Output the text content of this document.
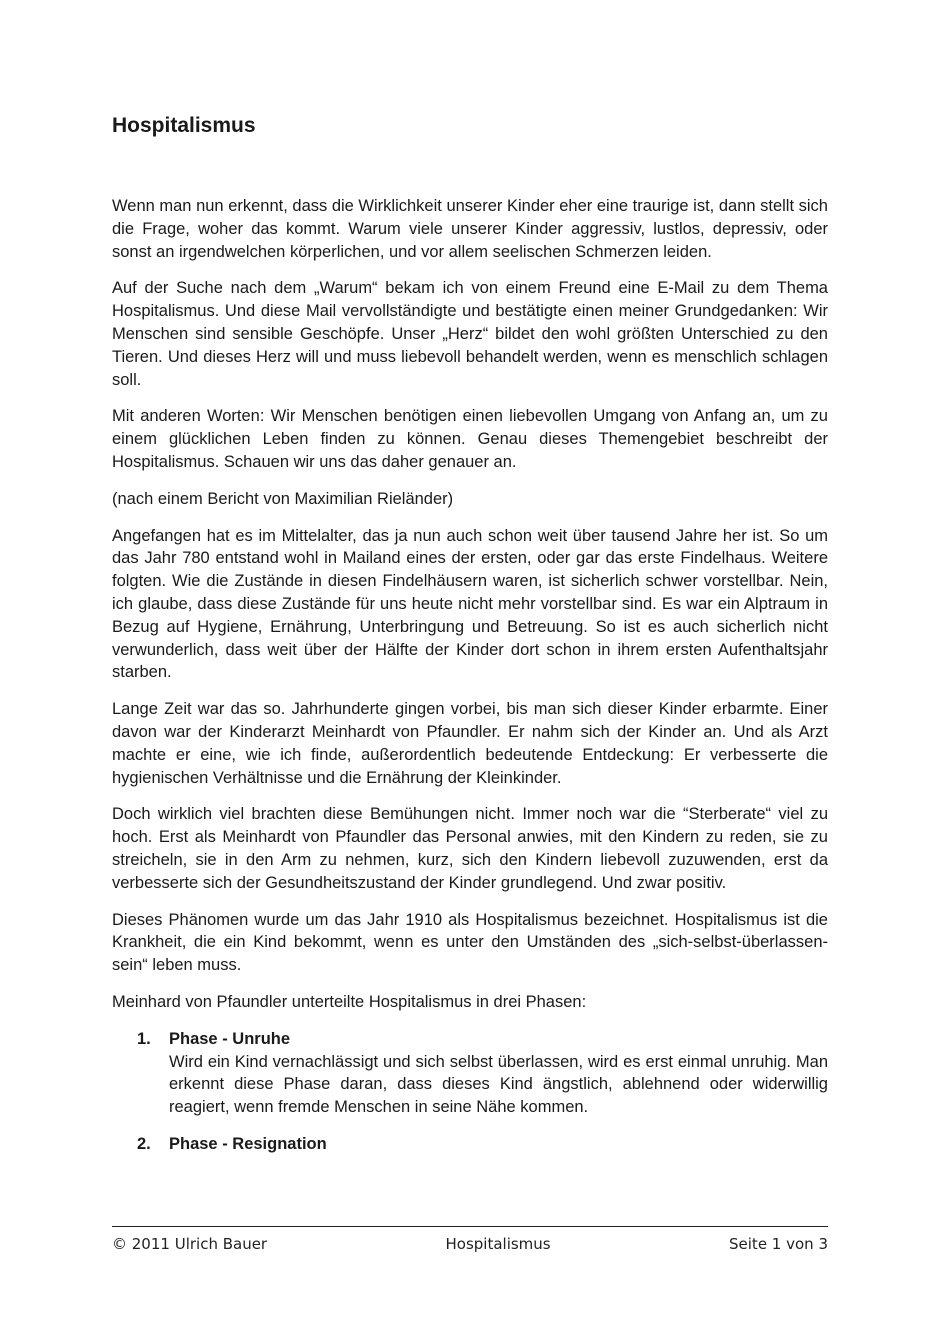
Hospitalismus

Wenn man nun erkennt, dass die Wirklichkeit unserer Kinder eher eine traurige ist, dann stellt sich die Frage, woher das kommt. Warum viele unserer Kinder aggressiv, lustlos, depressiv, oder sonst an irgendwelchen körperlichen, und vor allem seelischen Schmerzen leiden.

Auf der Suche nach dem „Warum“ bekam ich von einem Freund eine E-Mail zu dem Thema Hospitalismus. Und diese Mail vervollständigte und bestätigte einen meiner Grundgedanken: Wir Menschen sind sensible Geschöpfe. Unser „Herz“ bildet den wohl größten Unterschied zu den Tieren. Und dieses Herz will und muss liebevoll behandelt werden, wenn es menschlich schlagen soll.

Mit anderen Worten: Wir Menschen benötigen einen liebevollen Umgang von Anfang an, um zu einem glücklichen Leben finden zu können. Genau dieses Themengebiet beschreibt der Hospitalismus. Schauen wir uns das daher genauer an.

(nach einem Bericht von Maximilian Rieländer)

Angefangen hat es im Mittelalter, das ja nun auch schon weit über tausend Jahre her ist. So um das Jahr 780 entstand wohl in Mailand eines der ersten, oder gar das erste Findelhaus. Weitere folgten. Wie die Zustände in diesen Findelhäusern waren, ist sicherlich schwer vorstellbar. Nein, ich glaube, dass diese Zustände für uns heute nicht mehr vorstellbar sind. Es war ein Alptraum in Bezug auf Hygiene, Ernährung, Unterbringung und Betreuung. So ist es auch sicherlich nicht verwunderlich, dass weit über der Hälfte der Kinder dort schon in ihrem ersten Aufenthaltsjahr starben.

Lange Zeit war das so. Jahrhunderte gingen vorbei, bis man sich dieser Kinder erbarmte. Einer davon war der Kinderarzt Meinhardt von Pfaundler. Er nahm sich der Kinder an. Und als Arzt machte er eine, wie ich finde, außerordentlich bedeutende Entdeckung: Er verbesserte die hygienischen Verhältnisse und die Ernährung der Kleinkinder.

Doch wirklich viel brachten diese Bemühungen nicht. Immer noch war die “Sterberate“ viel zu hoch. Erst als Meinhardt von Pfaundler das Personal anwies, mit den Kindern zu reden, sie zu streicheln, sie in den Arm zu nehmen, kurz, sich den Kindern liebevoll zuzuwenden, erst da verbesserte sich der Gesundheitszustand der Kinder grundlegend. Und zwar positiv.

Dieses Phänomen wurde um das Jahr 1910 als Hospitalismus bezeichnet. Hospitalismus ist die Krankheit, die ein Kind bekommt, wenn es unter den Umständen des „sich-selbst-überlassen-sein“ leben muss.

Meinhard von Pfaundler unterteilte Hospitalismus in drei Phasen:

1. Phase - Unruhe
Wird ein Kind vernachlässigt und sich selbst überlassen, wird es erst einmal unruhig. Man erkennt diese Phase daran, dass dieses Kind ängstlich, ablehnend oder widerwillig reagiert, wenn fremde Menschen in seine Nähe kommen.
2. Phase - Resignation
© 2011 Ulrich Bauer	Hospitalismus	Seite 1 von 3
